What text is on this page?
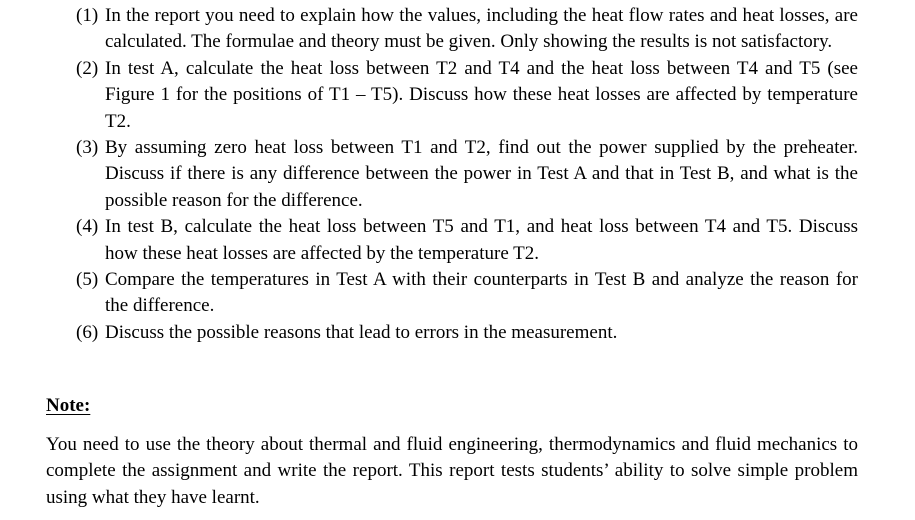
(1) In the report you need to explain how the values, including the heat flow rates and heat losses, are calculated. The formulae and theory must be given. Only showing the results is not satisfactory.
(2) In test A, calculate the heat loss between T2 and T4 and the heat loss between T4 and T5 (see Figure 1 for the positions of T1 – T5). Discuss how these heat losses are affected by temperature T2.
(3) By assuming zero heat loss between T1 and T2, find out the power supplied by the preheater. Discuss if there is any difference between the power in Test A and that in Test B, and what is the possible reason for the difference.
(4) In test B, calculate the heat loss between T5 and T1, and heat loss between T4 and T5. Discuss how these heat losses are affected by the temperature T2.
(5) Compare the temperatures in Test A with their counterparts in Test B and analyze the reason for the difference.
(6) Discuss the possible reasons that lead to errors in the measurement.
Note:

You need to use the theory about thermal and fluid engineering, thermodynamics and fluid mechanics to complete the assignment and write the report. This report tests students’ ability to solve simple problem using what they have learnt.
